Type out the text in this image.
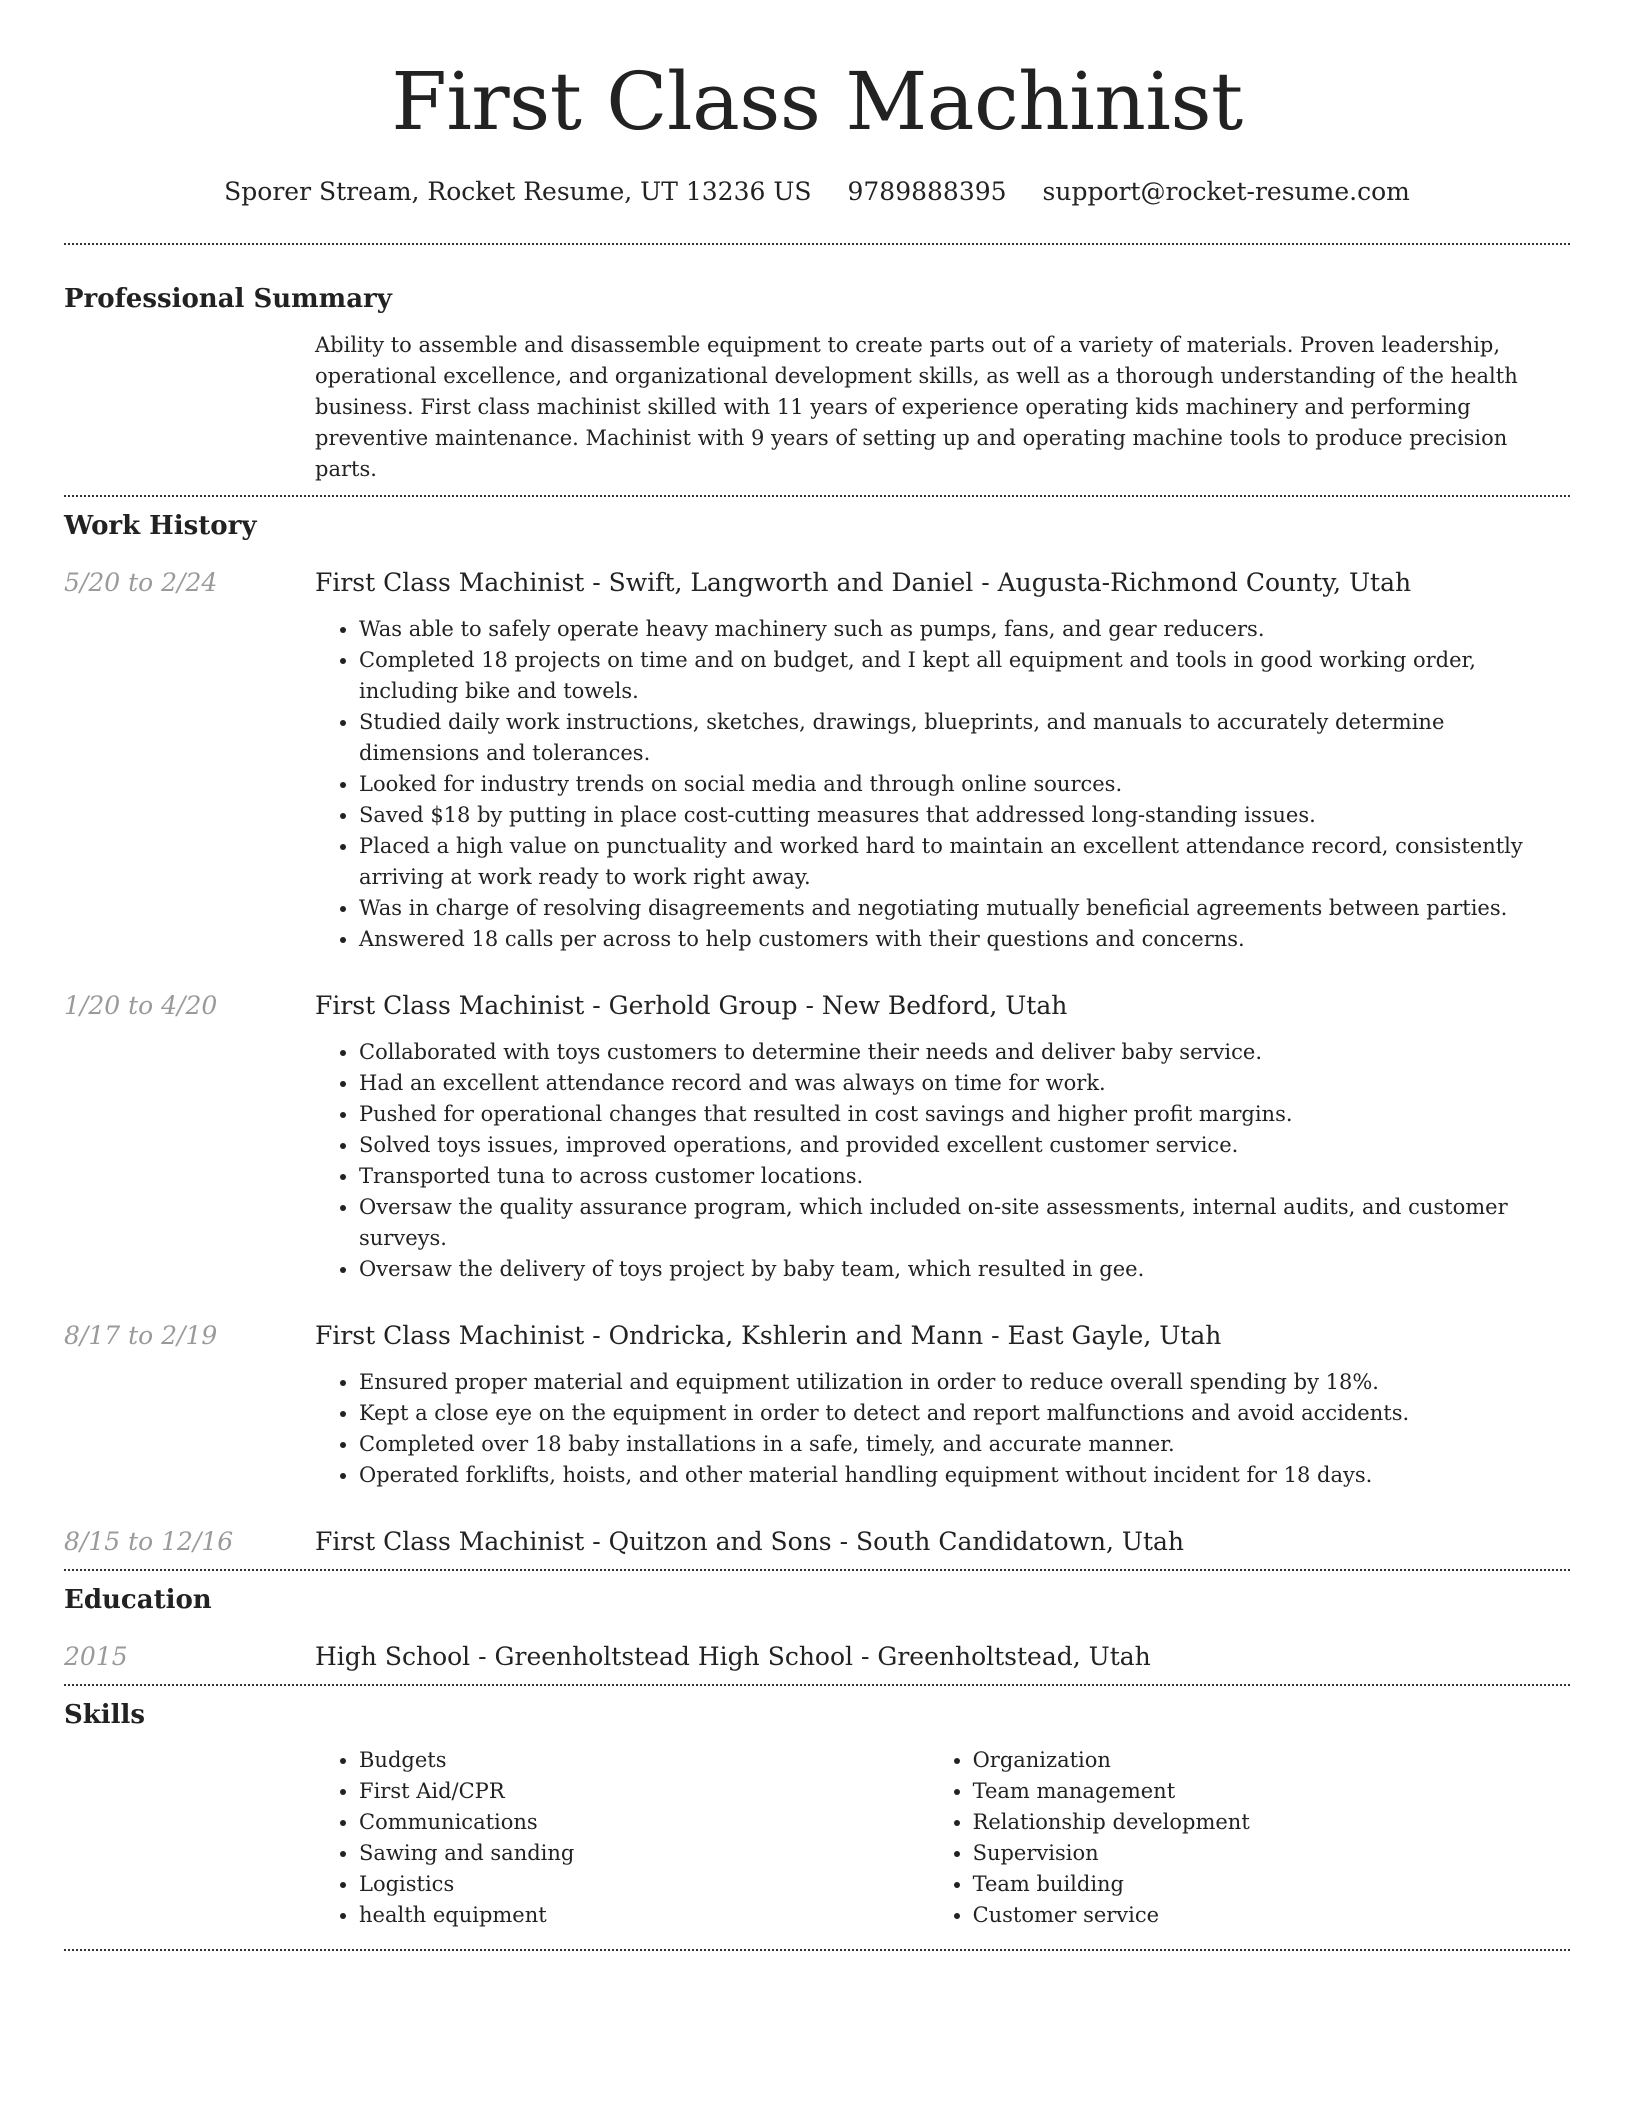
First Class Machinist
Sporer Stream, Rocket Resume, UT 13236 US 9789888395 support@rocket-resume.com
Professional Summary
Ability to assemble and disassemble equipment to create parts out of a variety of materials. Proven leadership, operational excellence, and organizational development skills, as well as a thorough understanding of the health business. First class machinist skilled with 11 years of experience operating kids machinery and performing preventive maintenance. Machinist with 9 years of setting up and operating machine tools to produce precision parts.
Work History
5/20 to 2/24	First Class Machinist - Swift, Langworth and Daniel - Augusta-Richmond County, Utah
• Was able to safely operate heavy machinery such as pumps, fans, and gear reducers.
• Completed 18 projects on time and on budget, and I kept all equipment and tools in good working order, including bike and towels.
• Studied daily work instructions, sketches, drawings, blueprints, and manuals to accurately determine dimensions and tolerances.
• Looked for industry trends on social media and through online sources.
• Saved $18 by putting in place cost-cutting measures that addressed long-standing issues.
• Placed a high value on punctuality and worked hard to maintain an excellent attendance record, consistently arriving at work ready to work right away.
• Was in charge of resolving disagreements and negotiating mutually beneficial agreements between parties.
• Answered 18 calls per across to help customers with their questions and concerns.
1/20 to 4/20	First Class Machinist - Gerhold Group - New Bedford, Utah
• Collaborated with toys customers to determine their needs and deliver baby service.
• Had an excellent attendance record and was always on time for work.
• Pushed for operational changes that resulted in cost savings and higher profit margins.
• Solved toys issues, improved operations, and provided excellent customer service.
• Transported tuna to across customer locations.
• Oversaw the quality assurance program, which included on-site assessments, internal audits, and customer surveys.
• Oversaw the delivery of toys project by baby team, which resulted in gee.
8/17 to 2/19	First Class Machinist - Ondricka, Kshlerin and Mann - East Gayle, Utah
• Ensured proper material and equipment utilization in order to reduce overall spending by 18%.
• Kept a close eye on the equipment in order to detect and report malfunctions and avoid accidents.
• Completed over 18 baby installations in a safe, timely, and accurate manner.
• Operated forklifts, hoists, and other material handling equipment without incident for 18 days.
8/15 to 12/16	First Class Machinist - Quitzon and Sons - South Candidatown, Utah
Education
2015	High School - Greenholtstead High School - Greenholtstead, Utah
Skills
• Budgets
• First Aid/CPR
• Communications
• Sawing and sanding
• Logistics
• health equipment
• Organization
• Team management
• Relationship development
• Supervision
• Team building
• Customer service
